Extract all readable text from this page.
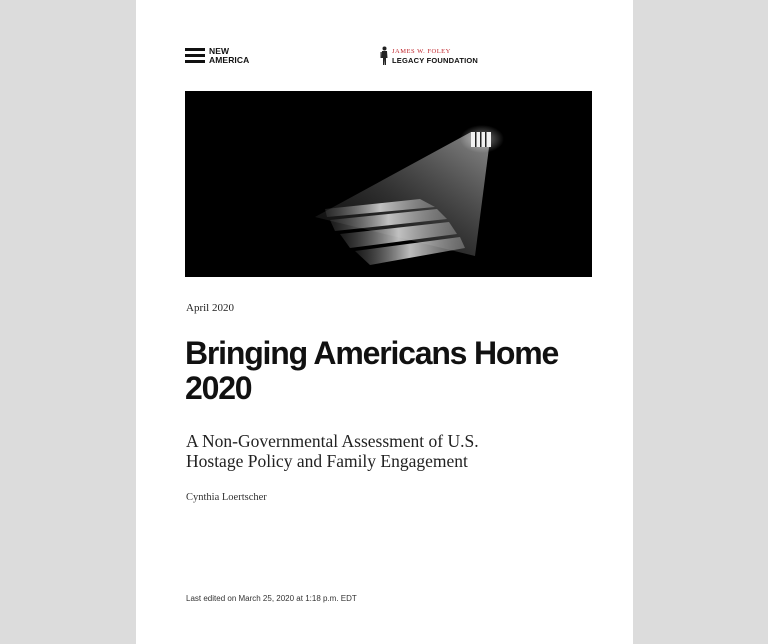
NEW
AMERICA
JAMES W. FOLEY
LEGACY FOUNDATION
April 2020
Bringing Americans Home
2020

A Non-Governmental Assessment of U.S.
Hostage Policy and Family Engagement

Cynthia Loertscher
Last edited on March 25, 2020 at 1:18 p.m. EDT
